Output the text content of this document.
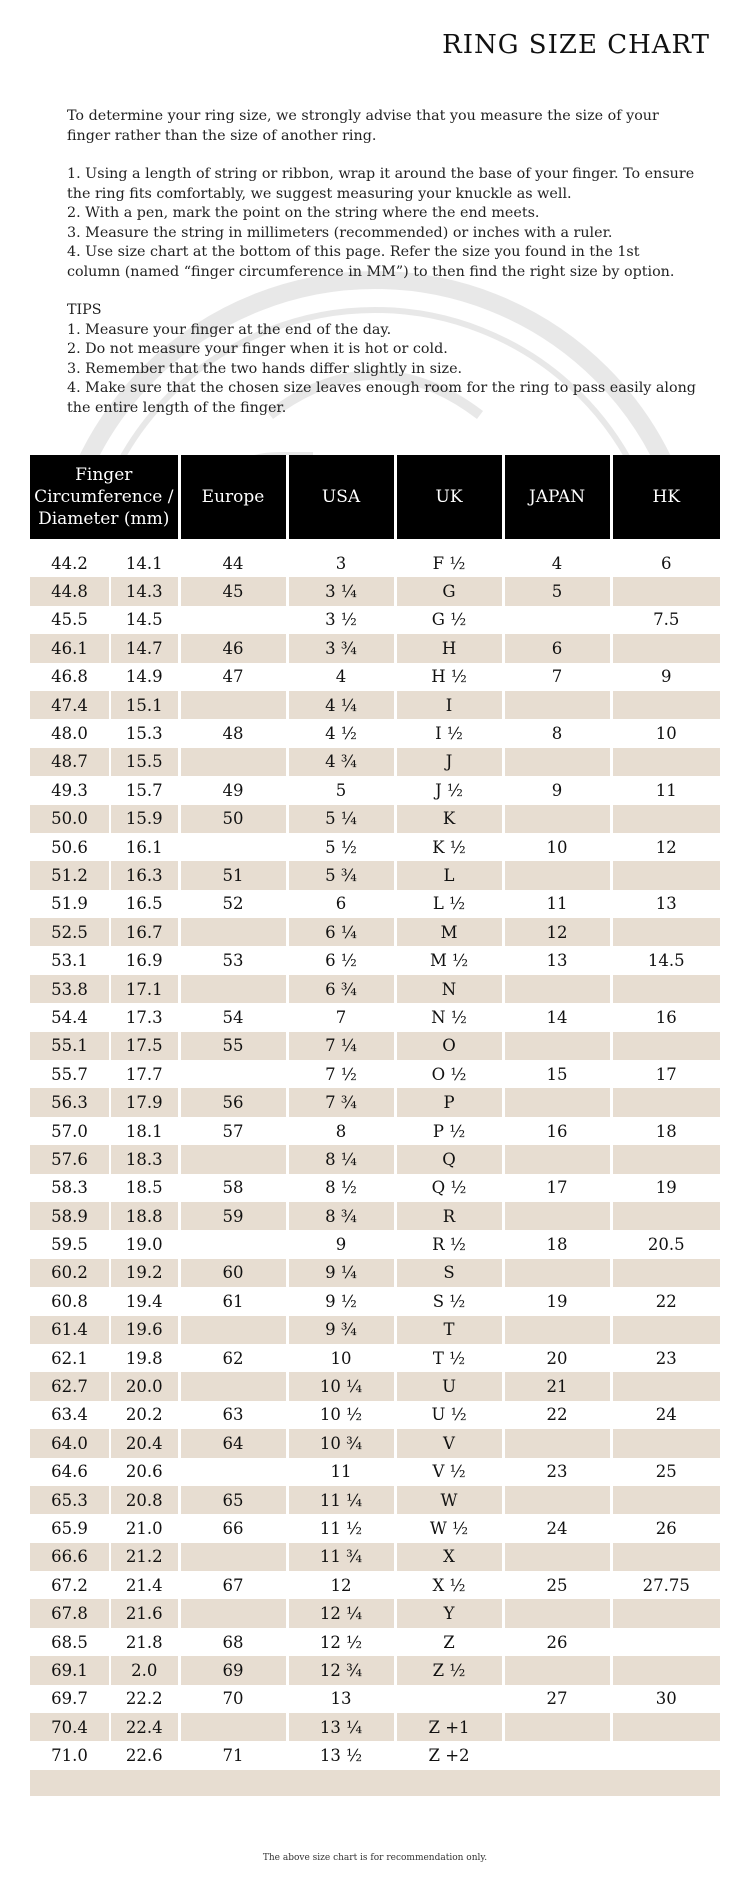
RING SIZE CHART

To determine your ring size, we strongly advise that you measure the size of your finger rather than the size of another ring.

1. Using a length of string or ribbon, wrap it around the base of your finger. To ensure the ring fits comfortably, we suggest measuring your knuckle as well.

2. With a pen, mark the point on the string where the end meets.

3. Measure the string in millimeters (recommended) or inches with a ruler.

4. Use size chart at the bottom of this page. Refer the size you found in the 1st column (named “finger circumference in MM”) to then find the right size by option.

TIPS

1. Measure your finger at the end of the day.

2. Do not measure your finger when it is hot or cold.

3. Remember that the two hands differ slightly in size.

4. Make sure that the chosen size leaves enough room for the ring to pass easily along the entire length of the finger.

Finger Circumference / Diameter (mm)		Europe	USA	UK	JAPAN	HK

44.2	14.1	44	3	F ½	4	6
44.8	14.3	45	3 ¼	G	5	
45.5	14.5		3 ½	G ½		7.5
46.1	14.7	46	3 ¾	H	6	
46.8	14.9	47	4	H ½	7	9
47.4	15.1		4 ¼	I		
48.0	15.3	48	4 ½	I ½	8	10
48.7	15.5		4 ¾	J		
49.3	15.7	49	5	J ½	9	11
50.0	15.9	50	5 ¼	K		
50.6	16.1		5 ½	K ½	10	12
51.2	16.3	51	5 ¾	L		
51.9	16.5	52	6	L ½	11	13
52.5	16.7		6 ¼	M	12	
53.1	16.9	53	6 ½	M ½	13	14.5
53.8	17.1		6 ¾	N		
54.4	17.3	54	7	N ½	14	16
55.1	17.5	55	7 ¼	O		
55.7	17.7		7 ½	O ½	15	17
56.3	17.9	56	7 ¾	P		
57.0	18.1	57	8	P ½	16	18
57.6	18.3		8 ¼	Q		
58.3	18.5	58	8 ½	Q ½	17	19
58.9	18.8	59	8 ¾	R		
59.5	19.0		9	R ½	18	20.5
60.2	19.2	60	9 ¼	S		
60.8	19.4	61	9 ½	S ½	19	22
61.4	19.6		9 ¾	T		
62.1	19.8	62	10	T ½	20	23
62.7	20.0		10 ¼	U	21	
63.4	20.2	63	10 ½	U ½	22	24
64.0	20.4	64	10 ¾	V		
64.6	20.6		11	V ½	23	25
65.3	20.8	65	11 ¼	W		
65.9	21.0	66	11 ½	W ½	24	26
66.6	21.2		11 ¾	X		
67.2	21.4	67	12	X ½	25	27.75
67.8	21.6		12 ¼	Y		
68.5	21.8	68	12 ½	Z	26	
69.1	2.0	69	12 ¾	Z ½		
69.7	22.2	70	13		27	30
70.4	22.4		13 ¼	Z +1		
71.0	22.6	71	13 ½	Z +2		

The above size chart is for recommendation only.
